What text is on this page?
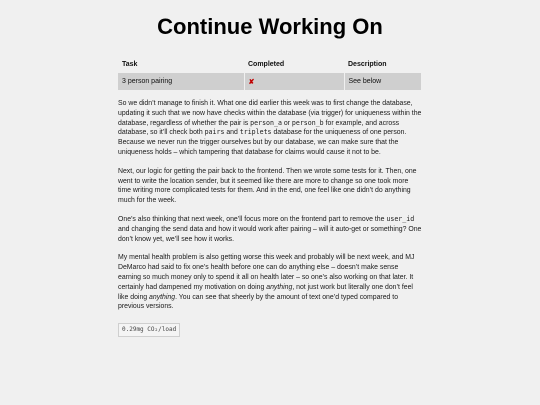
Continue Working On
Task	Completed	Description
3 person pairing	✘	See below

So we didn’t manage to finish it. What one did earlier this week was to first change the database, updating it such that we now have checks within the database (via trigger) for uniqueness within the database, regardless of whether the pair is person_a or person_b for example, and across database, so it’ll check both pairs and triplets database for the uniqueness of one person. Because we never run the trigger ourselves but by our database, we can make sure that the uniqueness holds – which tampering that database for claims would cause it not to be.

Next, our logic for getting the pair back to the frontend. Then we wrote some tests for it. Then, one went to write the location sender, but it seemed like there are more to change so one took more time writing more complicated tests for them. And in the end, one feel like one didn’t do anything much for the week.

One’s also thinking that next week, one’ll focus more on the frontend part to remove the user_id and changing the send data and how it would work after pairing – will it auto-get or something? One don’t know yet, we’ll see how it works.

My mental health problem is also getting worse this week and probably will be next week, and MJ DeMarco had said to fix one’s health before one can do anything else – doesn’t make sense earning so much money only to spend it all on health later – so one’s also working on that later. It certainly had dampened my motivation on doing anything, not just work but literally one don’t feel like doing anything. You can see that sheerly by the amount of text one’d typed compared to previous versions.

0.29mg CO₂/load
